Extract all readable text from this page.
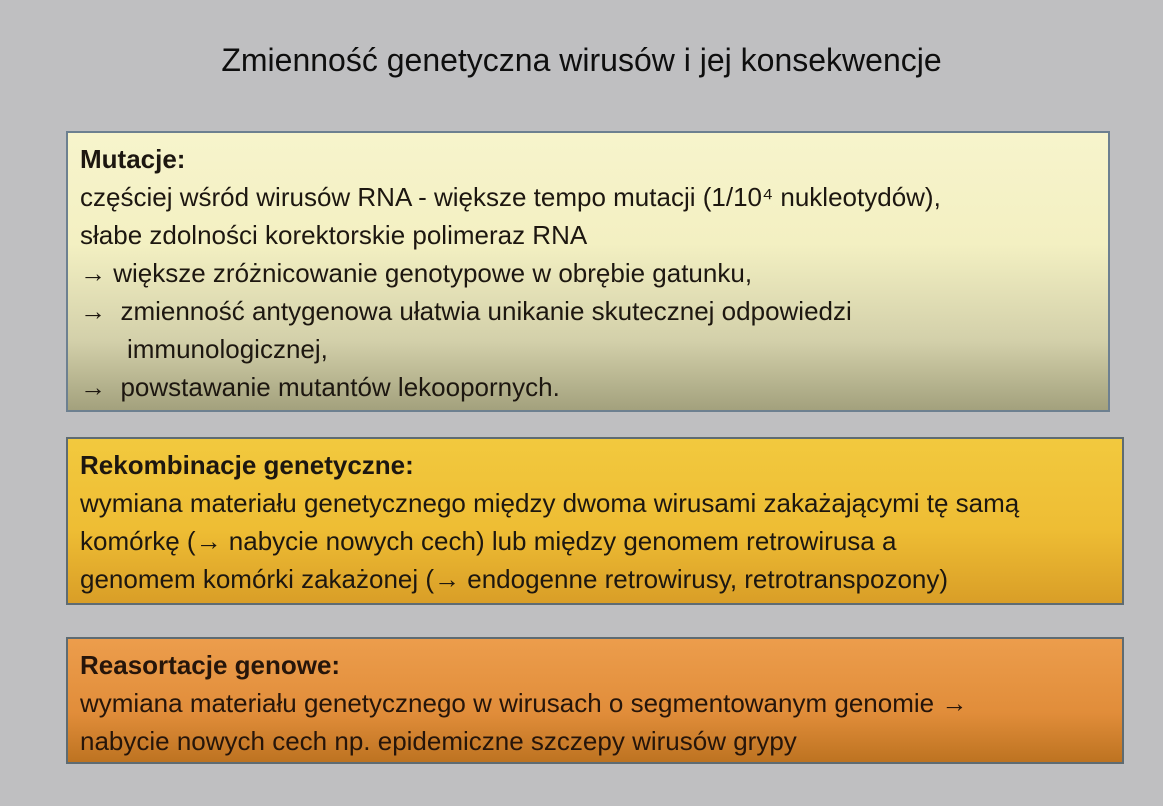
Zmienność genetyczna wirusów i jej konsekwencje
Mutacje:
częściej wśród wirusów RNA - większe tempo mutacji (1/10⁴ nukleotydów),
słabe zdolności korektorskie polimeraz RNA
→ większe zróżnicowanie genotypowe w obrębie gatunku,
→  zmienność antygenowa ułatwia unikanie skutecznej odpowiedzi
immunologicznej,
→  powstawanie mutantów lekoopornych.
Rekombinacje genetyczne:
wymiana materiału genetycznego między dwoma wirusami zakażającymi tę samą
komórkę (→ nabycie nowych cech) lub między genomem retrowirusa a
genomem komórki zakażonej (→ endogenne retrowirusy, retrotranspozony)
Reasortacje genowe:
wymiana materiału genetycznego w wirusach o segmentowanym genomie →
nabycie nowych cech np. epidemiczne szczepy wirusów grypy
